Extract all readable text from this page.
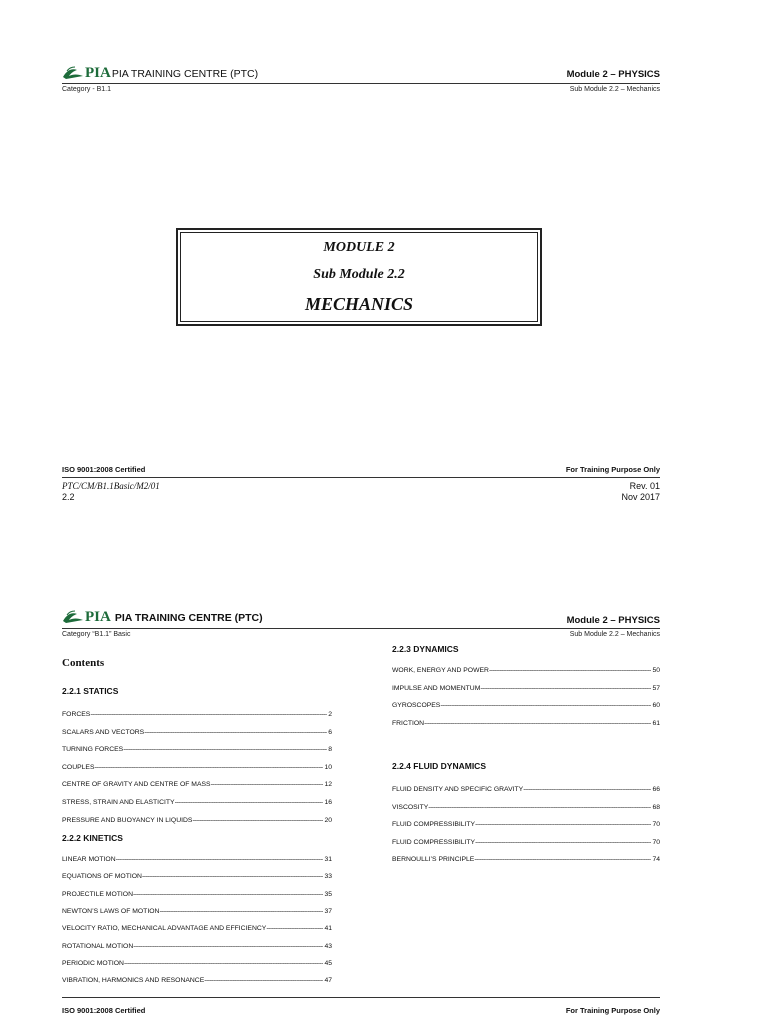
PIA PIA TRAINING CENTRE (PTC)	Module 2 – PHYSICS
Category - B1.1	Sub Module 2.2 – Mechanics
MODULE 2
Sub Module 2.2
MECHANICS
ISO 9001:2008 Certified	For Training Purpose Only
PTC/CM/B1.1Basic/M2/01
2.2
Rev. 01
Nov 2017
PIA PIA TRAINING CENTRE (PTC)	Module 2 – PHYSICS
Category “B1.1” Basic	Sub Module 2.2 – Mechanics
Contents
2.2.1 STATICS
FORCES -----	2
SCALARS AND VECTORS -----	6
TURNING FORCES -----	8
COUPLES -----	10
CENTRE OF GRAVITY AND CENTRE OF MASS -----	12
STRESS, STRAIN AND ELASTICITY -----	16
PRESSURE AND BUOYANCY IN LIQUIDS -----	20
2.2.2 KINETICS
LINEAR MOTION -----	31
EQUATIONS OF MOTION -----	33
PROJECTILE MOTION -----	35
NEWTON’S LAWS OF MOTION -----	37
VELOCITY RATIO, MECHANICAL ADVANTAGE AND EFFICIENCY -----	41
ROTATIONAL MOTION -----	43
PERIODIC MOTION -----	45
VIBRATION, HARMONICS AND RESONANCE -----	47
2.2.3 DYNAMICS
WORK, ENERGY AND POWER -----	50
IMPULSE AND MOMENTUM -----	57
GYROSCOPES -----	60
FRICTION -----	61
2.2.4 FLUID DYNAMICS
FLUID DENSITY AND SPECIFIC GRAVITY -----	66
VISCOSITY -----	68
FLUID COMPRESSIBILITY -----	70
FLUID COMPRESSIBILITY -----	70
BERNOULLI’S PRINCIPLE -----	74
ISO 9001:2008 Certified	For Training Purpose Only
